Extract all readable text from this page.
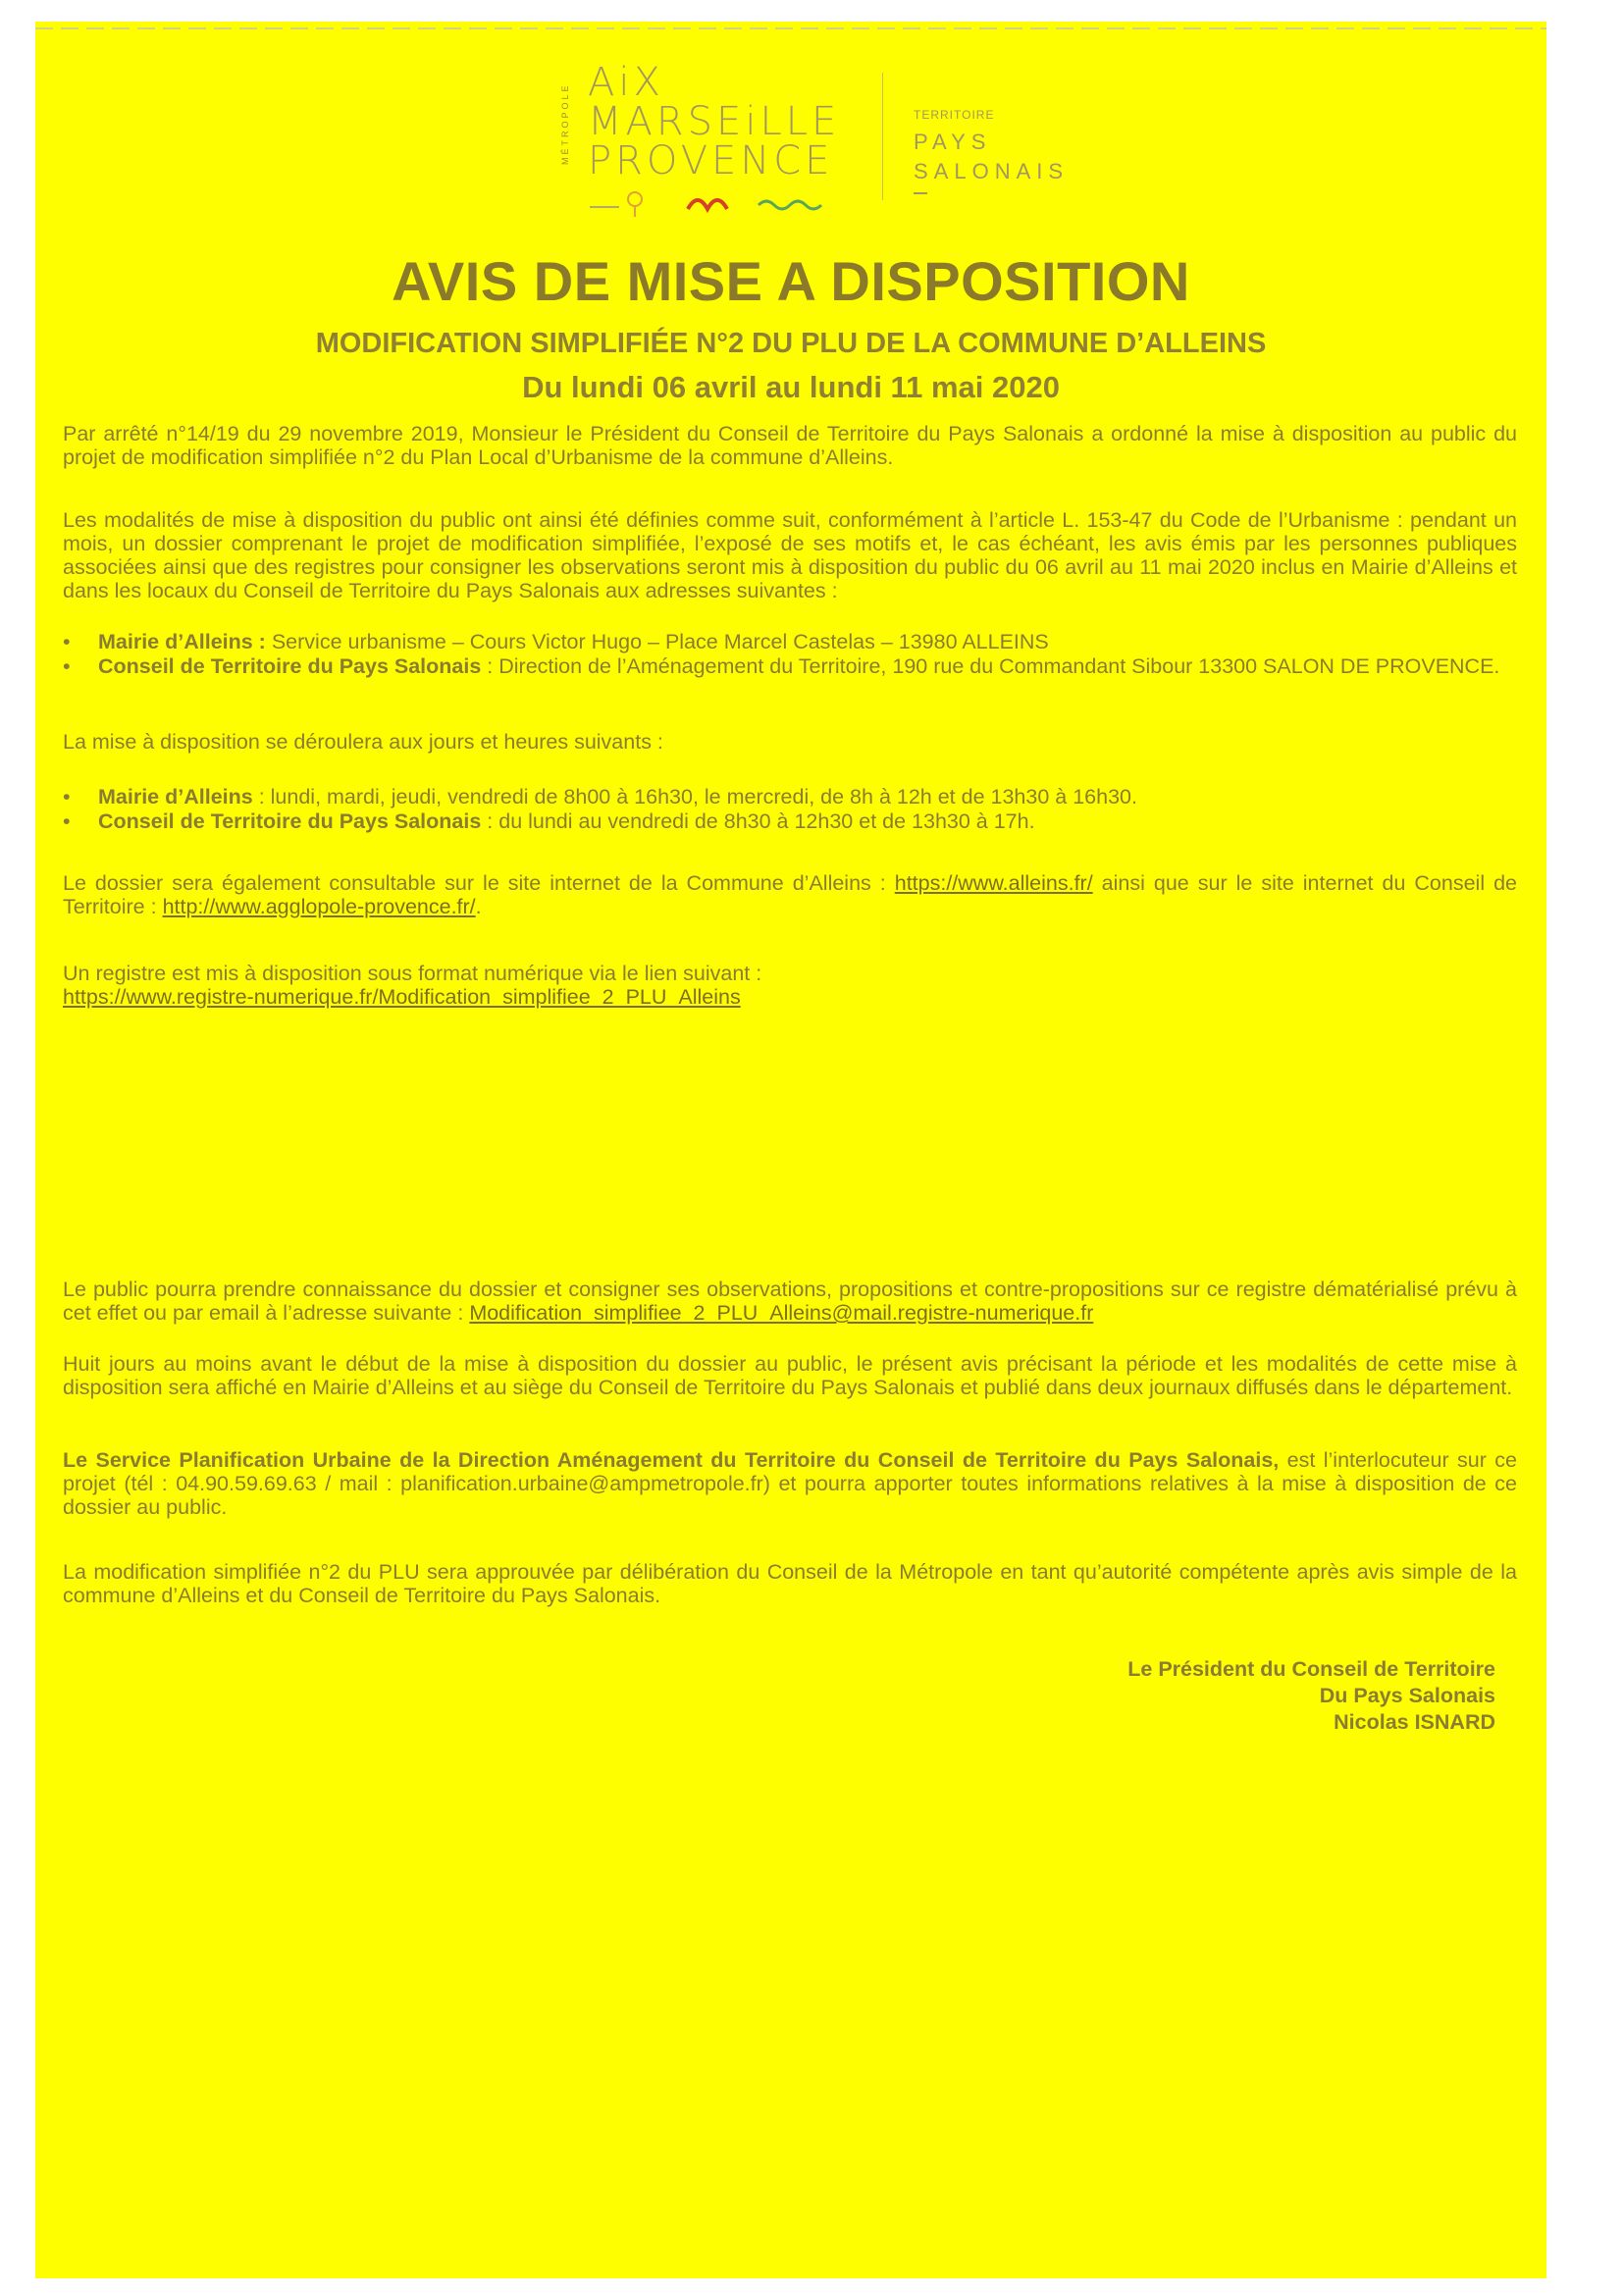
MÉTROPOLE
AiX
MARSEiLLE
PROVENCE
TERRITOIRE
PAYS
SALONAIS
AVIS DE MISE A DISPOSITION
MODIFICATION SIMPLIFIÉE N°2 DU PLU DE LA COMMUNE D’ALLEINS
Du lundi 06 avril au lundi 11 mai 2020
Par arrêté n°14/19 du 29 novembre 2019, Monsieur le Président du Conseil de Territoire du Pays Salonais a ordonné la mise à disposition au public du projet de modification simplifiée n°2 du Plan Local d’Urbanisme de la commune d’Alleins.
Les modalités de mise à disposition du public ont ainsi été définies comme suit, conformément à l’article L. 153-47 du Code de l’Urbanisme : pendant un mois, un dossier comprenant le projet de modification simplifiée, l’exposé de ses motifs et, le cas échéant, les avis émis par les personnes publiques associées ainsi que des registres pour consigner les observations seront mis à disposition du public du 06 avril au 11 mai 2020 inclus en Mairie d’Alleins et dans les locaux du Conseil de Territoire du Pays Salonais aux adresses suivantes :
•	Mairie d’Alleins : Service urbanisme – Cours Victor Hugo – Place Marcel Castelas – 13980 ALLEINS
•	Conseil de Territoire du Pays Salonais : Direction de l’Aménagement du Territoire, 190 rue du Commandant Sibour 13300 SALON DE PROVENCE.
La mise à disposition se déroulera aux jours et heures suivants :
•	Mairie d’Alleins : lundi, mardi, jeudi, vendredi de 8h00 à 16h30, le mercredi, de 8h à 12h et de 13h30 à 16h30.
•	Conseil de Territoire du Pays Salonais : du lundi au vendredi de 8h30 à 12h30 et de 13h30 à 17h.
Le dossier sera également consultable sur le site internet de la Commune d’Alleins : https://www.alleins.fr/ ainsi que sur le site internet du Conseil de Territoire : http://www.agglopole-provence.fr/.
Un registre est mis à disposition sous format numérique via le lien suivant :
https://www.registre-numerique.fr/Modification_simplifiee_2_PLU_Alleins
Le public pourra prendre connaissance du dossier et consigner ses observations, propositions et contre-propositions sur ce registre dématérialisé prévu à cet effet ou par email à l’adresse suivante : Modification_simplifiee_2_PLU_Alleins@mail.registre-numerique.fr
Huit jours au moins avant le début de la mise à disposition du dossier au public, le présent avis précisant la période et les modalités de cette mise à disposition sera affiché en Mairie d’Alleins et au siège du Conseil de Territoire du Pays Salonais et publié dans deux journaux diffusés dans le département.
Le Service Planification Urbaine de la Direction Aménagement du Territoire du Conseil de Territoire du Pays Salonais, est l’interlocuteur sur ce projet (tél : 04.90.59.69.63 / mail : planification.urbaine@ampmetropole.fr) et pourra apporter toutes informations relatives à la mise à disposition de ce dossier au public.
La modification simplifiée n°2 du PLU sera approuvée par délibération du Conseil de la Métropole en tant qu’autorité compétente après avis simple de la commune d’Alleins et du Conseil de Territoire du Pays Salonais.
Le Président du Conseil de Territoire
Du Pays Salonais
Nicolas ISNARD
